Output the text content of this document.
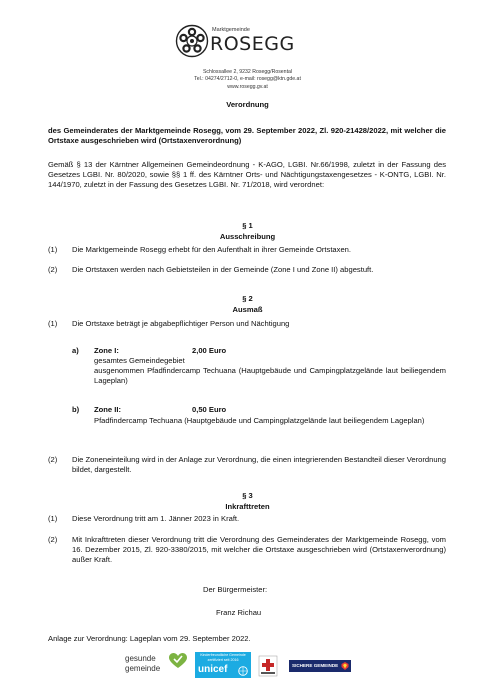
Marktgemeinde
ROSEGG
Schlossallee 2, 9232 Rosegg/Rosental
Tel.: 04274/2712-0, e-mail: rosegg@ktn.gde.at
www.rosegg.gv.at
Verordnung
des Gemeinderates der Marktgemeinde Rosegg, vom 29. September 2022, Zl. 920-21428/2022, mit welcher die Ortstaxe ausgeschrieben wird (Ortstaxenverordnung)
Gemäß § 13 der Kärntner Allgemeinen Gemeindeordnung - K-AGO, LGBI. Nr.66/1998, zuletzt in der Fassung des Gesetzes LGBI. Nr. 80/2020, sowie §§ 1 ff. des Kärntner Orts- und Nächtigungstaxengesetzes - K-ONTG, LGBI. Nr. 144/1970, zuletzt in der Fassung des Gesetzes LGBI. Nr. 71/2018, wird verordnet:
§ 1
Ausschreibung
(1) Die Marktgemeinde Rosegg erhebt für den Aufenthalt in ihrer Gemeinde Ortstaxen.
(2) Die Ortstaxen werden nach Gebietsteilen in der Gemeinde (Zone I und Zone II) abgestuft.
§ 2
Ausmaß
(1) Die Ortstaxe beträgt je abgabepflichtiger Person und Nächtigung
a) Zone I:	2,00 Euro
gesamtes Gemeindegebiet
ausgenommen Pfadfindercamp Techuana (Hauptgebäude und Campingplatzgelände laut beiliegendem Lageplan)
b) Zone II:	0,50 Euro
Pfadfindercamp Techuana (Hauptgebäude und Campingplatzgelände laut beiliegendem Lageplan)
(2) Die Zoneneinteilung wird in der Anlage zur Verordnung, die einen integrierenden Bestandteil dieser Verordnung bildet, dargestellt.
§ 3
Inkrafttreten
(1) Diese Verordnung tritt am 1. Jänner 2023 in Kraft.
(2) Mit Inkrafttreten dieser Verordnung tritt die Verordnung des Gemeinderates der Marktgemeinde Rosegg, vom 16. Dezember 2015, Zl. 920-3380/2015, mit welcher die Ortstaxe ausgeschrieben wird (Ortstaxenverordnung) außer Kraft.
Der Bürgermeister:
Franz Richau
Anlage zur Verordnung: Lageplan vom 29. September 2022.
gesunde
gemeinde
Kinderfreundliche Gemeinde
zertifiziert seit 2016
unicef	SICHERE GEMEINDE
